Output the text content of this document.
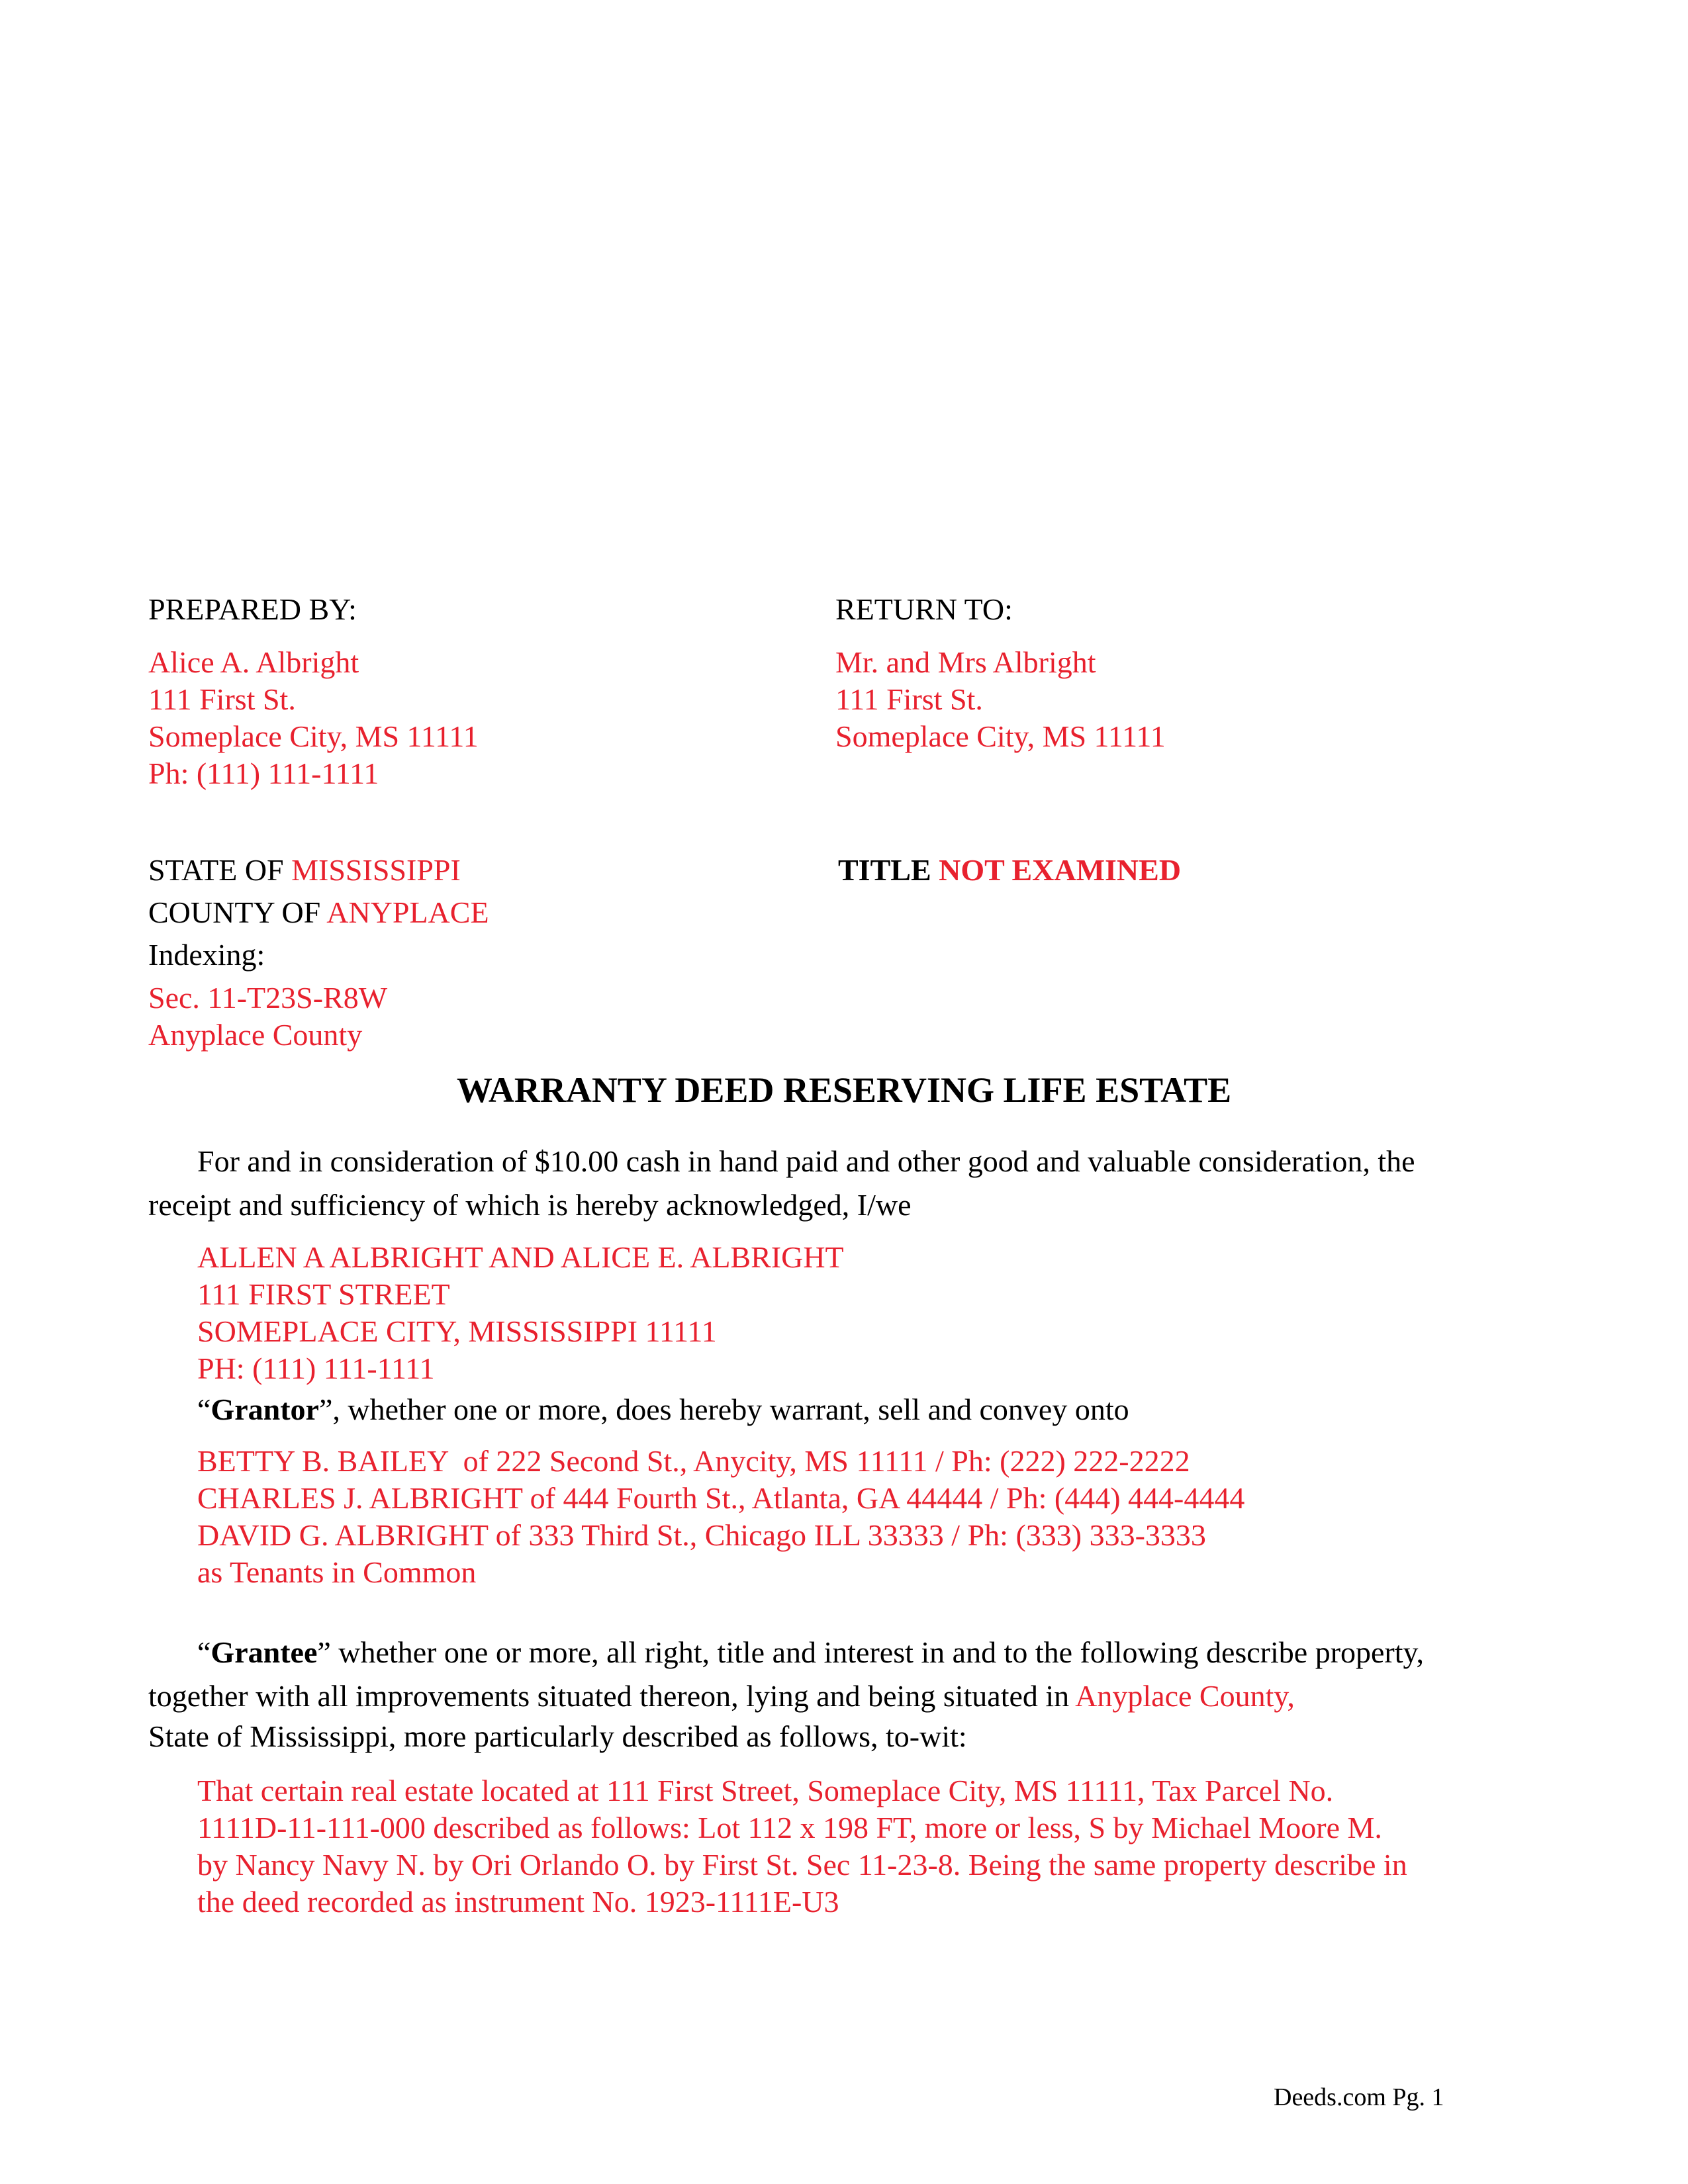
PREPARED BY:
Alice A. Albright
111 First St.
Someplace City, MS 11111
Ph: (111) 111-1111
RETURN TO:
Mr. and Mrs Albright
111 First St.
Someplace City, MS 11111
STATE OF MISSISSIPPI
COUNTY OF ANYPLACE
Indexing:
TITLE NOT EXAMINED
Sec. 11-T23S-R8W
Anyplace County
WARRANTY DEED RESERVING LIFE ESTATE
For and in consideration of $10.00 cash in hand paid and other good and valuable consideration, the
receipt and sufficiency of which is hereby acknowledged, I/we
ALLEN A ALBRIGHT AND ALICE E. ALBRIGHT
111 FIRST STREET
SOMEPLACE CITY, MISSISSIPPI 11111
PH: (111) 111-1111
“Grantor”, whether one or more, does hereby warrant, sell and convey onto
BETTY B. BAILEY  of 222 Second St., Anycity, MS 11111 / Ph: (222) 222-2222
CHARLES J. ALBRIGHT of 444 Fourth St., Atlanta, GA 44444 / Ph: (444) 444-4444
DAVID G. ALBRIGHT of 333 Third St., Chicago ILL 33333 / Ph: (333) 333-3333
as Tenants in Common
“Grantee” whether one or more, all right, title and interest in and to the following describe property,
together with all improvements situated thereon, lying and being situated in Anyplace County,
State of Mississippi, more particularly described as follows, to-wit:
That certain real estate located at 111 First Street, Someplace City, MS 11111, Tax Parcel No.
1111D-11-111-000 described as follows: Lot 112 x 198 FT, more or less, S by Michael Moore M.
by Nancy Navy N. by Ori Orlando O. by First St. Sec 11-23-8. Being the same property describe in
the deed recorded as instrument No. 1923-1111E-U3
Deeds.com Pg. 1
